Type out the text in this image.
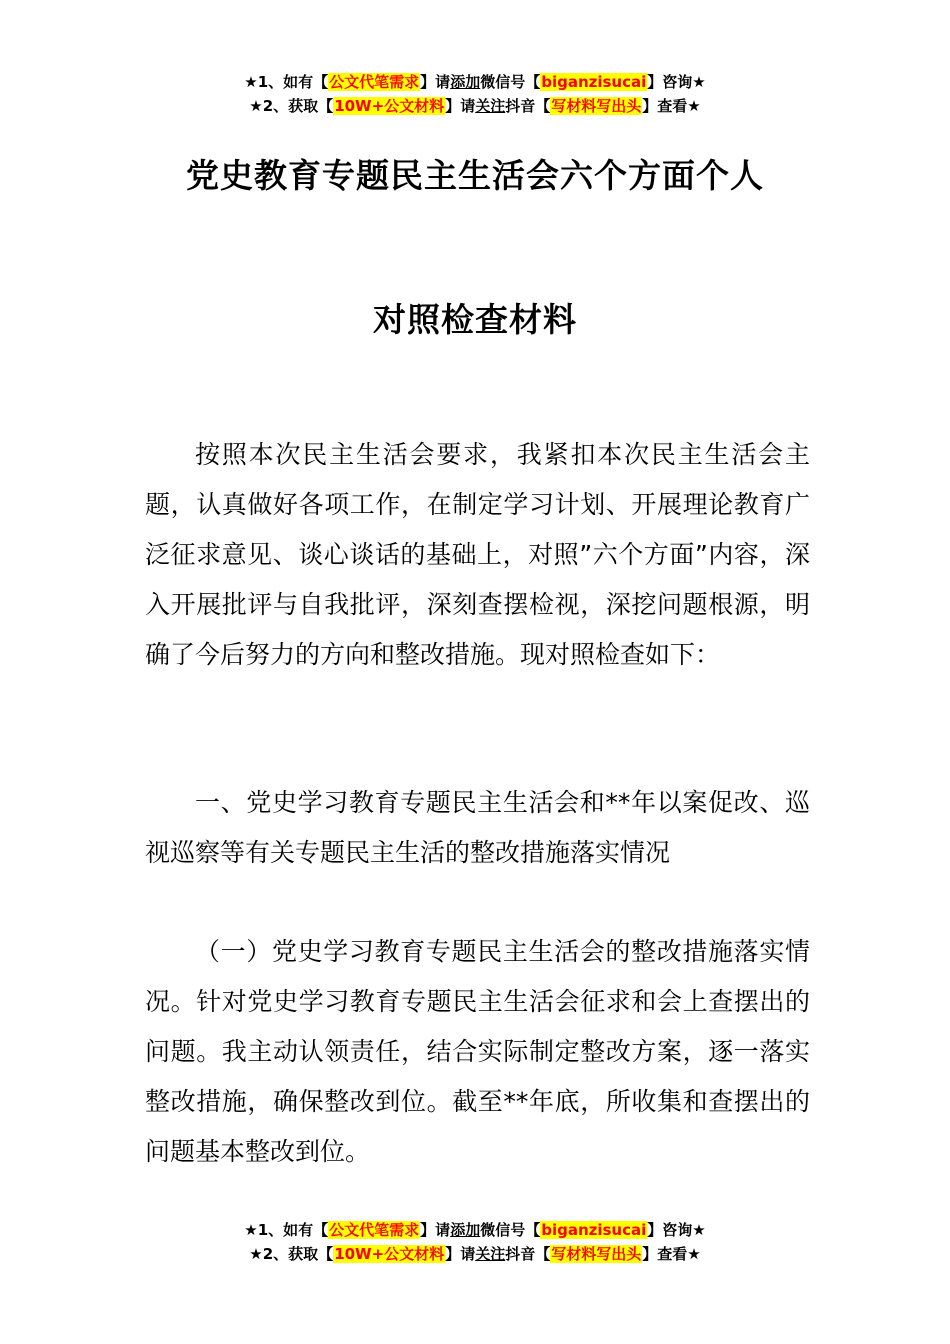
★1、如有【公文代笔需求】请添加微信号【biganzisucai】咨询★
★2、获取【10W+公文材料】请关注抖音【写材料写出头】查看★
党史教育专题民主生活会六个方面个人
对照检查材料

按照本次民主生活会要求，我紧扣本次民主生活会主题，认真做好各项工作，在制定学习计划、开展理论教育广泛征求意见、谈心谈话的基础上，对照”六个方面”内容，深入开展批评与自我批评，深刻查摆检视，深挖问题根源，明确了今后努力的方向和整改措施。现对照检查如下：

一、党史学习教育专题民主生活会和**年以案促改、巡视巡察等有关专题民主生活的整改措施落实情况

（一）党史学习教育专题民主生活会的整改措施落实情况。针对党史学习教育专题民主生活会征求和会上查摆出的问题。我主动认领责任，结合实际制定整改方案，逐一落实整改措施，确保整改到位。截至**年底，所收集和查摆出的问题基本整改到位。

★1、如有【公文代笔需求】请添加微信号【biganzisucai】咨询★
★2、获取【10W+公文材料】请关注抖音【写材料写出头】查看★
